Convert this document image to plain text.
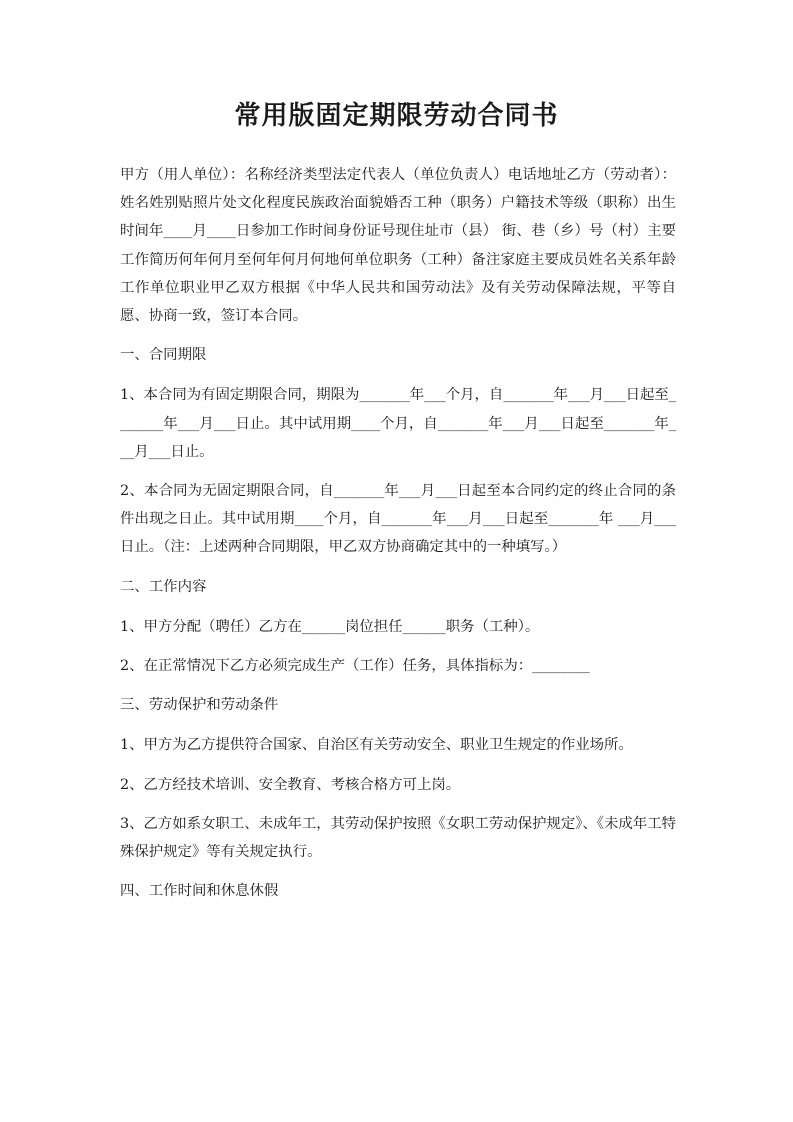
常用版固定期限劳动合同书

甲方（用人单位）：名称经济类型法定代表人（单位负责人）电话地址乙方（劳动者）：姓名姓别贴照片处文化程度民族政治面貌婚否工种（职务）户籍技术等级（职称）出生时间年____月____日参加工作时间身份证号现住址市（县） 街、巷（乡）号（村）主要工作简历何年何月至何年何月何地何单位职务（工种）备注家庭主要成员姓名关系年龄工作单位职业甲乙双方根据《中华人民共和国劳动法》及有关劳动保障法规，平等自愿、协商一致，签订本合同。

一、合同期限

1、本合同为有固定期限合同，期限为_______年___个月，自_______年___月___日起至_______年___月___日止。其中试用期____个月，自_______年___月___日起至_______年___月___日止。

2、本合同为无固定期限合同，自_______年___月___日起至本合同约定的终止合同的条件出现之日止。其中试用期____个月，自_______年___月___日起至_______年 ___月___日止。（注：上述两种合同期限，甲乙双方协商确定其中的一种填写。）

二、工作内容

1、甲方分配（聘任）乙方在______岗位担任______职务（工种）。

2、在正常情况下乙方必须完成生产（工作）任务，具体指标为：________

三、劳动保护和劳动条件

1、甲方为乙方提供符合国家、自治区有关劳动安全、职业卫生规定的作业场所。

2、乙方经技术培训、安全教育、考核合格方可上岗。

3、乙方如系女职工、未成年工，其劳动保护按照《女职工劳动保护规定》、《未成年工特殊保护规定》等有关规定执行。

四、工作时间和休息休假
